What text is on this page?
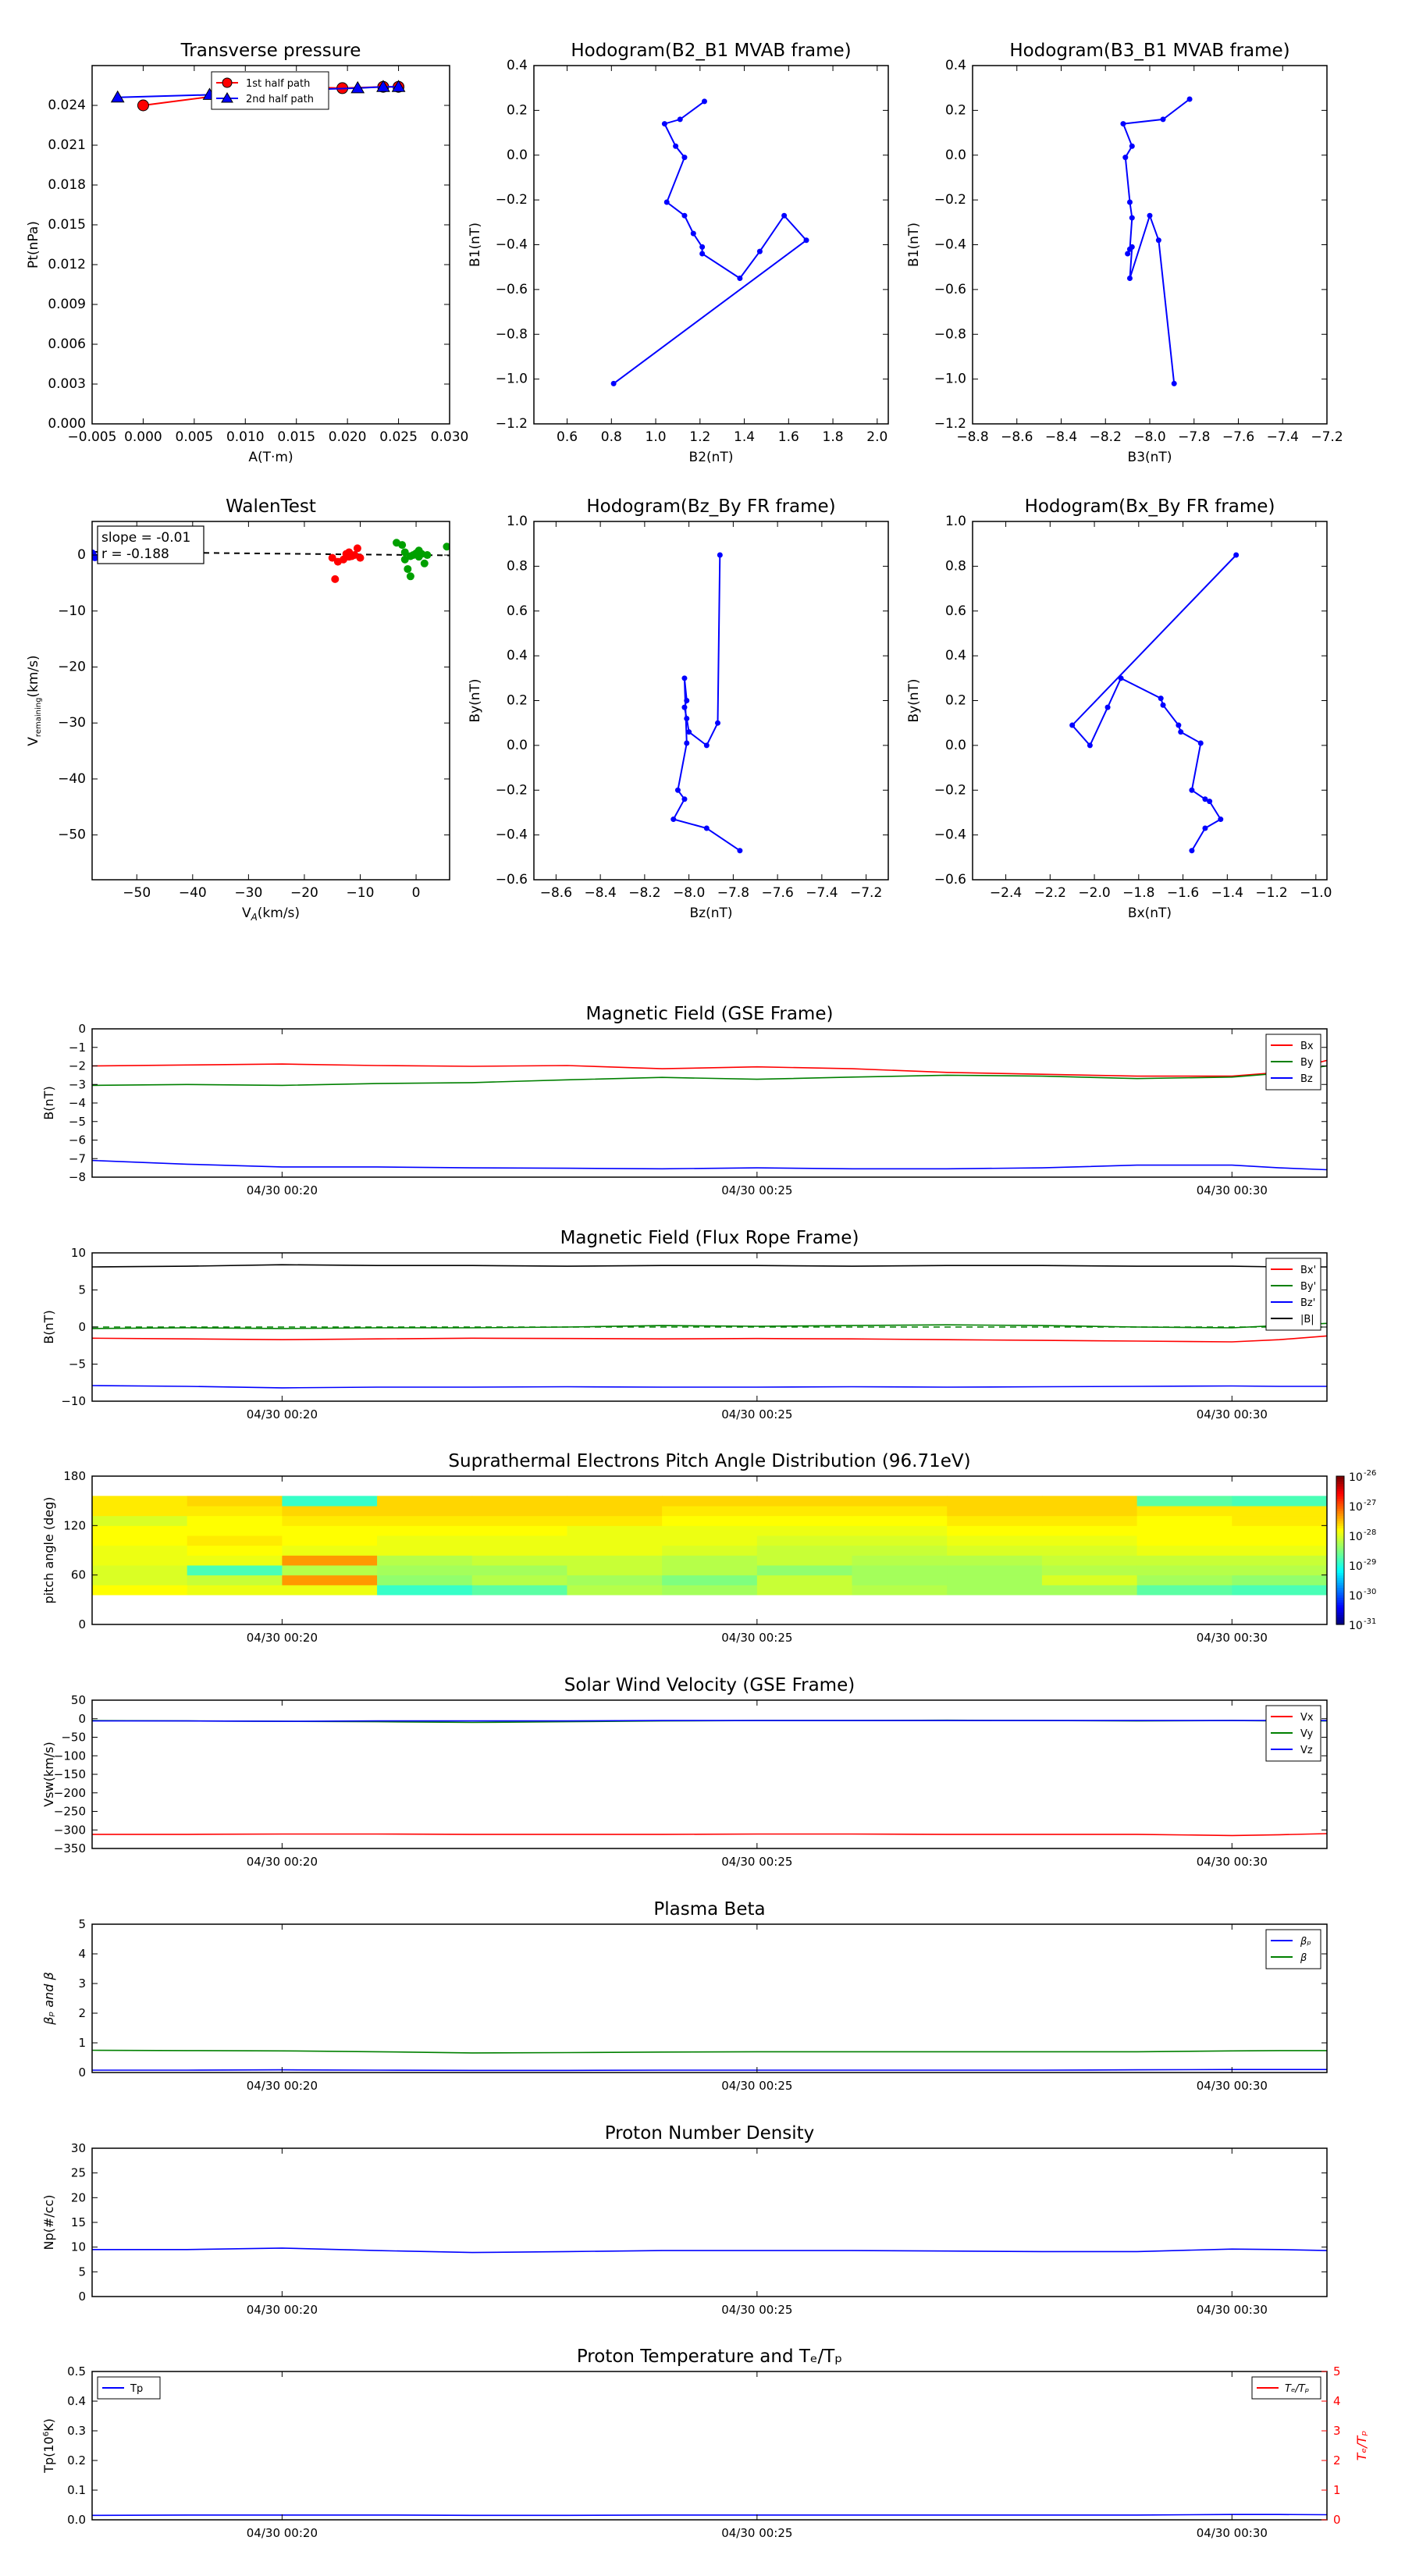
Transverse pressure
−0.005 0.000 0.005 0.010 0.015 0.020 0.025 0.030
0.000
0.003
0.006
0.009
0.012
0.015
0.018
0.021
0.024
A(T·m)
Pt(nPa)
1st half path
2nd half path
Hodogram(B2_B1 MVAB frame)
0.6 0.8 1.0 1.2 1.4 1.6 1.8 2.0
−1.2
−1.0
−0.8
−0.6
−0.4
−0.2
0.0
0.2
0.4
B2(nT)
B1(nT)
Hodogram(B3_B1 MVAB frame)
−8.8 −8.6 −8.4 −8.2 −8.0 −7.8 −7.6 −7.4 −7.2
−1.2
−1.0
−0.8
−0.6
−0.4
−0.2
0.0
0.2
0.4
B3(nT)
B1(nT)
WalenTest
−50 −40 −30 −20 −10	0
−50
−40
−30
−20
−10
0
$V_A(km/s)$
$V_{remaining}(km/s)$
slope = -0.01
r = -0.188
Hodogram(Bz_By FR frame)
−8.6 −8.4 −8.2 −8.0 −7.8 −7.6 −7.4 −7.2
−0.6
−0.4
−0.2
0.0
0.2
0.4
0.6
0.8
1.0
Bz(nT)
By(nT)
Hodogram(Bx_By FR frame)
−2.4 −2.2 −2.0 −1.8 −1.6 −1.4 −1.2 −1.0
−0.6
−0.4
−0.2
0.0
0.2
0.4
0.6
0.8
1.0
Bx(nT)
By(nT)
Magnetic Field (GSE Frame)
04/30 00:20	04/30 00:25	04/30 00:30
−8
−7
−6
−5
−4
−3
−2
−1
0
B(nT)
Bx
By
Bz
Magnetic Field (Flux Rope Frame)
04/30 00:20	04/30 00:25	04/30 00:30
−10
−5
0
5
10
B(nT)
Bx'
By'
Bz'
|B|
Suprathermal Electrons Pitch Angle Distribution (96.71eV)
10 -31
10 -30
10 -29
10 -28
10 -27
10 -26
04/30 00:20	04/30 00:25	04/30 00:30
0
60
120
180
pitch angle (deg)
Solar Wind Velocity (GSE Frame)
04/30 00:20	04/30 00:25	04/30 00:30
−350
−300
−250
−200
−150
−100
−50
0
50
Vsw(km/s)
Vx
Vy
Vz
Plasma Beta
04/30 00:20	04/30 00:25	04/30 00:30
0
1
2
3
4
5
βₚ and β
βₚ
β
Proton Number Density
04/30 00:20	04/30 00:25	04/30 00:30
0
5
10
15
20
25
30
Np(#/cc)
Proton Temperature and Tₑ/Tₚ
04/30 00:20	04/30 00:25	04/30 00:30
0.0
0.1
0.2
0.3
0.4
0.5
0
1
2
3
4
5
Tₑ/Tₚ
$Tp(10^6K)$
Tp	Tₑ/Tₚ
